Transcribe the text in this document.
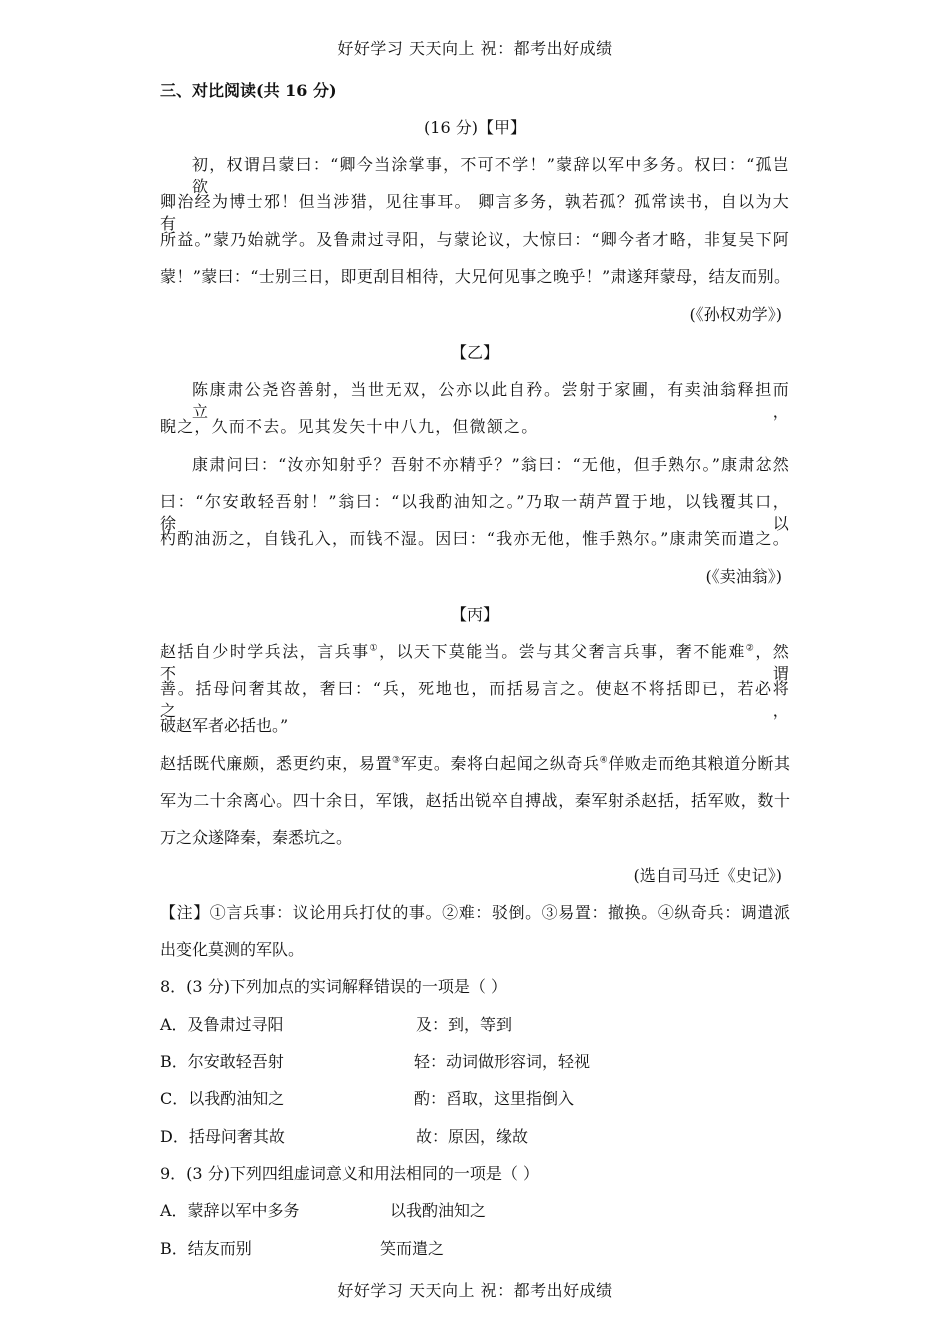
好好学习 天天向上 祝：都考出好成绩
三、对比阅读(共 16 分)
(16 分)【甲】
初，权谓吕蒙曰：“卿今当涂掌事，不可不学！”蒙辞以军中多务。权曰：“孤岂欲
卿治经为博士邪！但当涉猎，见往事耳。 卿言多务，孰若孤？孤常读书，自以为大有
所益。”蒙乃始就学。及鲁肃过寻阳，与蒙论议，大惊曰：“卿今者才略，非复吴下阿
蒙！”蒙曰：“士别三日，即更刮目相待，大兄何见事之晚乎！”肃遂拜蒙母，结友而别。
(《孙权劝学》)
【乙】
陈康肃公尧咨善射，当世无双，公亦以此自矜。尝射于家圃，有卖油翁释担而立，
睨之，久而不去。见其发矢十中八九，但微颔之。
康肃问曰：“汝亦知射乎？吾射不亦精乎？”翁曰：“无他，但手熟尔。”康肃忿然
曰：“尔安敢轻吾射！”翁曰：“以我酌油知之。”乃取一葫芦置于地，以钱覆其口，徐以
杓酌油沥之，自钱孔入，而钱不湿。因曰：“我亦无他，惟手熟尔。”康肃笑而遣之。
(《卖油翁》)
【丙】
赵括自少时学兵法，言兵事①，以天下莫能当。尝与其父奢言兵事，奢不能难②，然不谓
善。括母问奢其故，奢曰：“兵，死地也，而括易言之。使赵不将括即已，若必将之，
破赵军者必括也。”
赵括既代廉颇，悉更约束，易置③军吏。秦将白起闻之纵奇兵④佯败走而绝其粮道分断其
军为二十余离心。四十余日，军饿，赵括出锐卒自搏战，秦军射杀赵括，括军败，数十
万之众遂降秦，秦悉坑之。
(选自司马迁《史记》)
【注】①言兵事：议论用兵打仗的事。②难：驳倒。③易置：撤换。④纵奇兵：调遣派
出变化莫测的军队。
8．(3 分)下列加点的实词解释错误的一项是（ ）
A．及鲁肃过寻阳	及：到，等到
B．尔安敢轻吾射	轻：动词做形容词，轻视
C．以我酌油知之	酌：舀取，这里指倒入
D．括母问奢其故	故：原因，缘故
9．(3 分)下列四组虚词意义和用法相同的一项是（ ）
A．蒙辞以军中多务	以我酌油知之
B．结友而别	笑而遣之
好好学习 天天向上 祝：都考出好成绩
